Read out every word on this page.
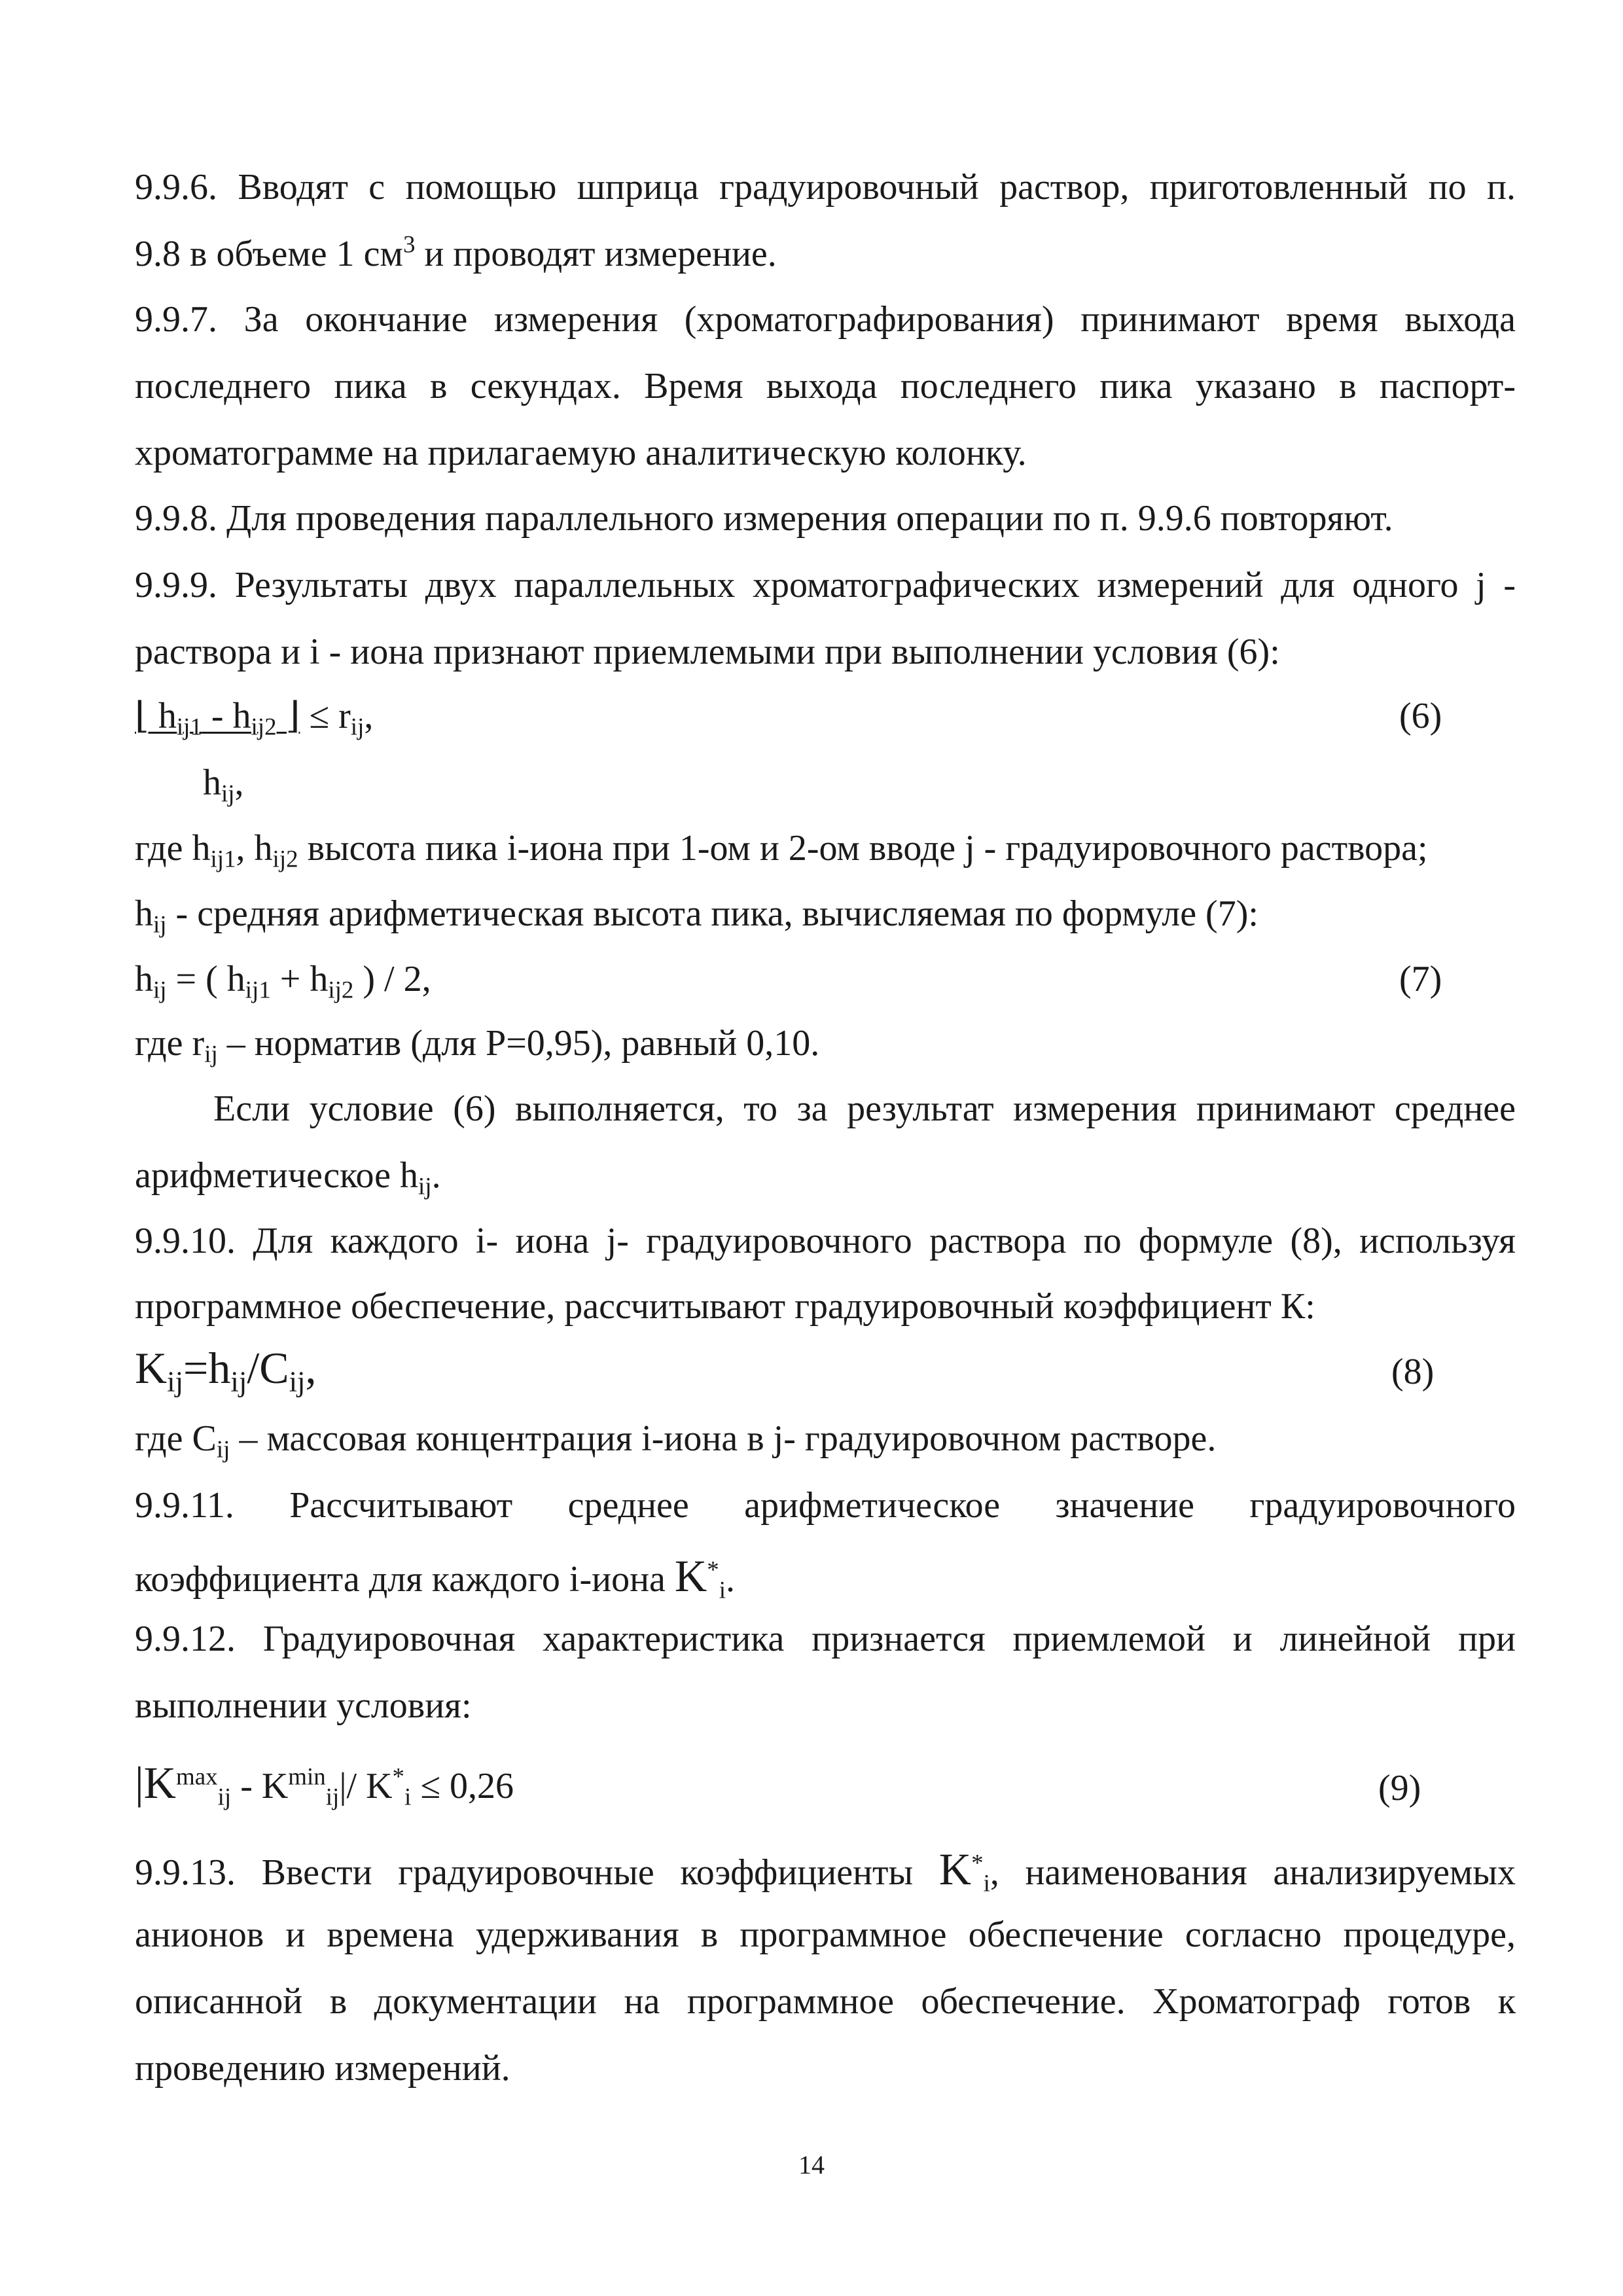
9.9.6. Вводят с помощью шприца градуировочный раствор, приготовленный по п.
9.8 в объеме 1 $см^3$ и проводят измерение.
9.9.7. За окончание измерения (хроматографирования) принимают время выхода
последнего пика в секундах. Время выхода последнего пика указано в паспорт-
хроматограмме на прилагаемую аналитическую колонку.
9.9.8. Для проведения параллельного измерения операции по п. 9.9.6 повторяют.
9.9.9. Результаты двух параллельных хроматографических измерений для одного j -
раствора и i - иона признают приемлемыми при выполнении условия (6):
⌊ $h_{ij1} - h_{ij2}$ ⌋ ≤ $r_{ij}$,	(6)
$h_{ij}$,
где $h_{ij1}$, $h_{ij2}$ высота пика i-иона при 1-ом и 2-ом вводе j - градуировочного раствора;
$h_{ij}$ - средняя арифметическая высота пика, вычисляемая по формуле (7):
$h_{ij}$ = ( $h_{ij1} + h_{ij2}$ ) / 2,	(7)
где $r_{ij}$ – норматив (для Р=0,95), равный 0,10.
Если условие (6) выполняется, то за результат измерения принимают среднее
арифметическое $h_{ij}$.
9.9.10. Для каждого i- иона j- градуировочного раствора по формуле (8), используя
программное обеспечение, рассчитывают градуировочный коэффициент К:
$K_{ij}=h_{ij}/C_{ij}$,	(8)
где $C_{ij}$ – массовая концентрация i-иона в j- градуировочном растворе.
9.9.11. Рассчитывают среднее арифметическое значение градуировочного
коэффициента для каждого i-иона $K^*_i$.
9.9.12. Градуировочная характеристика признается приемлемой и линейной при
выполнении условия:
$|K^{max}_{ij} - K^{min}_{ij}|/$ $K^*_i \le 0,26$	(9)
9.9.13. Ввести градуировочные коэффициенты $K^*_i$, наименования анализируемых
анионов и времена удерживания в программное обеспечение согласно процедуре,
описанной в документации на программное обеспечение. Хроматограф готов к
проведению измерений.
14
